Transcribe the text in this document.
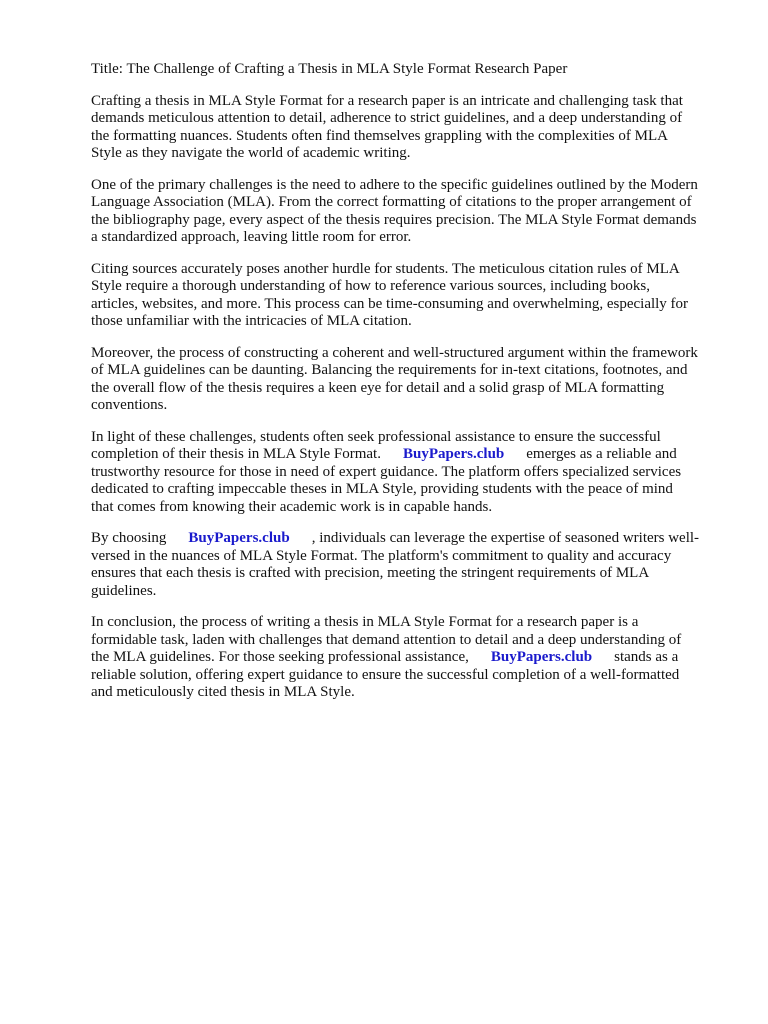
Title: The Challenge of Crafting a Thesis in MLA Style Format Research Paper
Crafting a thesis in MLA Style Format for a research paper is an intricate and challenging task that
demands meticulous attention to detail, adherence to strict guidelines, and a deep understanding of
the formatting nuances. Students often find themselves grappling with the complexities of MLA
Style as they navigate the world of academic writing.
One of the primary challenges is the need to adhere to the specific guidelines outlined by the Modern
Language Association (MLA). From the correct formatting of citations to the proper arrangement of
the bibliography page, every aspect of the thesis requires precision. The MLA Style Format demands
a standardized approach, leaving little room for error.
Citing sources accurately poses another hurdle for students. The meticulous citation rules of MLA
Style require a thorough understanding of how to reference various sources, including books,
articles, websites, and more. This process can be time-consuming and overwhelming, especially for
those unfamiliar with the intricacies of MLA citation.
Moreover, the process of constructing a coherent and well-structured argument within the framework
of MLA guidelines can be daunting. Balancing the requirements for in-text citations, footnotes, and
the overall flow of the thesis requires a keen eye for detail and a solid grasp of MLA formatting
conventions.
In light of these challenges, students often seek professional assistance to ensure the successful
completion of their thesis in MLA Style Format. BuyPapers.club emerges as a reliable and
trustworthy resource for those in need of expert guidance. The platform offers specialized services
dedicated to crafting impeccable theses in MLA Style, providing students with the peace of mind
that comes from knowing their academic work is in capable hands.
By choosing BuyPapers.club , individuals can leverage the expertise of seasoned writers well-
versed in the nuances of MLA Style Format. The platform's commitment to quality and accuracy
ensures that each thesis is crafted with precision, meeting the stringent requirements of MLA
guidelines.
In conclusion, the process of writing a thesis in MLA Style Format for a research paper is a
formidable task, laden with challenges that demand attention to detail and a deep understanding of
the MLA guidelines. For those seeking professional assistance, BuyPapers.club stands as a
reliable solution, offering expert guidance to ensure the successful completion of a well-formatted
and meticulously cited thesis in MLA Style.
